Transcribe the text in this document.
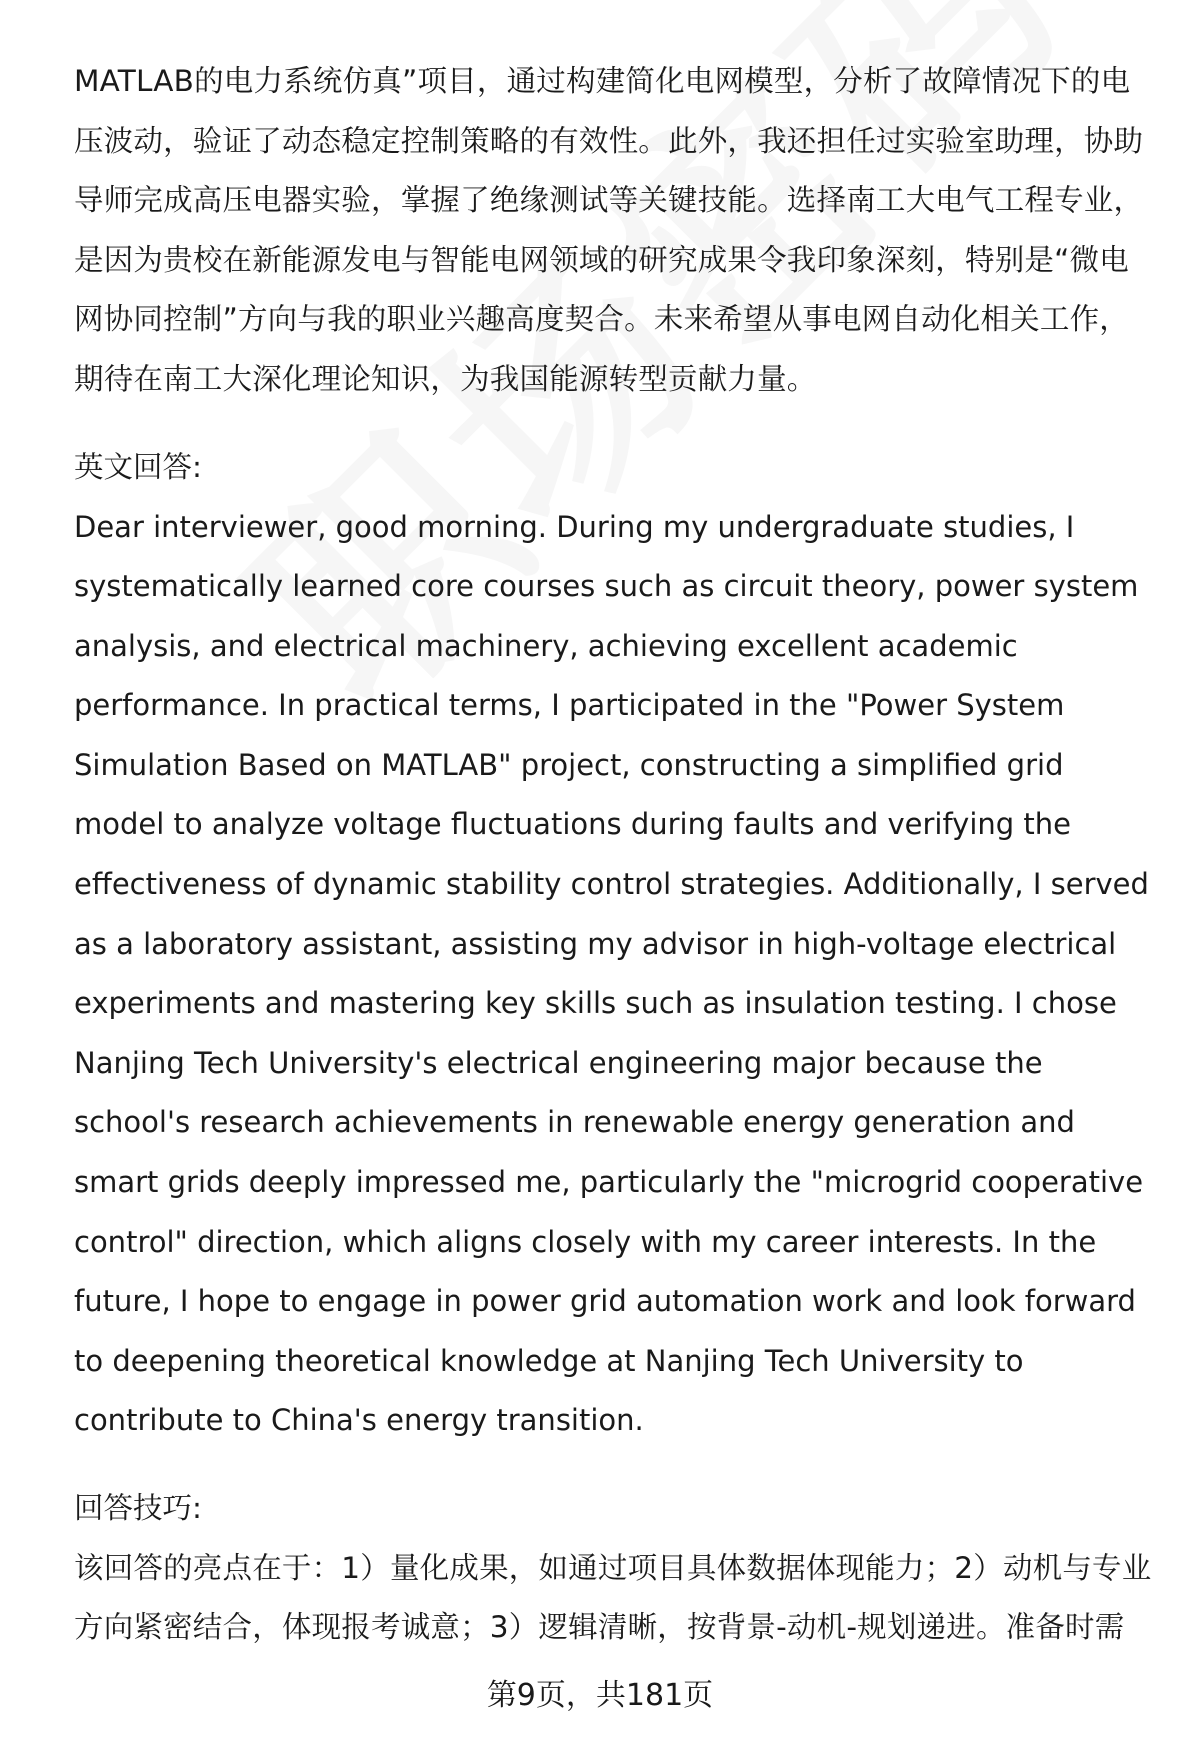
MATLAB的电力系统仿真”项目，通过构建简化电网模型，分析了故障情况下的电压波动，验证了动态稳定控制策略的有效性。此外，我还担任过实验室助理，协助导师完成高压电器实验，掌握了绝缘测试等关键技能。选择南工大电气工程专业，是因为贵校在新能源发电与智能电网领域的研究成果令我印象深刻，特别是“微电网协同控制”方向与我的职业兴趣高度契合。未来希望从事电网自动化相关工作，期待在南工大深化理论知识，为我国能源转型贡献力量。

英文回答:

Dear interviewer, good morning. During my undergraduate studies, I systematically learned core courses such as circuit theory, power system analysis, and electrical machinery, achieving excellent academic performance. In practical terms, I participated in the "Power System Simulation Based on MATLAB" project, constructing a simplified grid model to analyze voltage fluctuations during faults and verifying the effectiveness of dynamic stability control strategies. Additionally, I served as a laboratory assistant, assisting my advisor in high-voltage electrical experiments and mastering key skills such as insulation testing. I chose Nanjing Tech University's electrical engineering major because the school's research achievements in renewable energy generation and smart grids deeply impressed me, particularly the "microgrid cooperative control" direction, which aligns closely with my career interests. In the future, I hope to engage in power grid automation work and look forward to deepening theoretical knowledge at Nanjing Tech University to contribute to China's energy transition.

回答技巧:

该回答的亮点在于：1）量化成果，如通过项目具体数据体现能力；2）动机与专业方向紧密结合，体现报考诚意；3）逻辑清晰，按背景-动机-规划递进。准备时需

第9页，共181页
